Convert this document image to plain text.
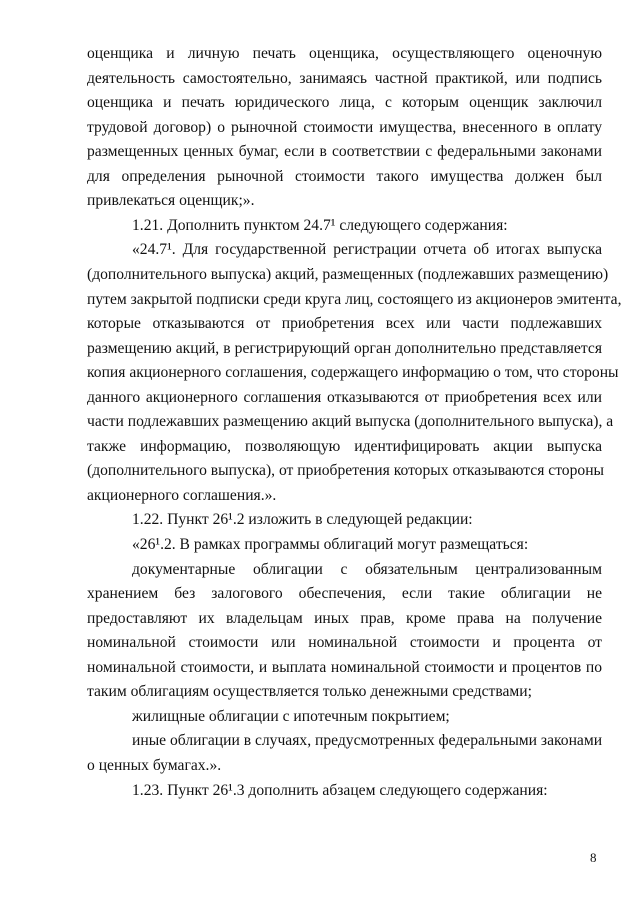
оценщика и личную печать оценщика, осуществляющего оценочную
деятельность самостоятельно, занимаясь частной практикой, или подпись
оценщика и печать юридического лица, с которым оценщик заключил
трудовой договор) о рыночной стоимости имущества, внесенного в оплату
размещенных ценных бумаг, если в соответствии с федеральными законами
для определения рыночной стоимости такого имущества должен был
привлекаться оценщик;».
1.21. Дополнить пунктом 24.7¹ следующего содержания:
«24.7¹. Для государственной регистрации отчета об итогах выпуска
(дополнительного выпуска) акций, размещенных (подлежавших размещению)
путем закрытой подписки среди круга лиц, состоящего из акционеров эмитента,
которые отказываются от приобретения всех или части подлежавших
размещению акций, в регистрирующий орган дополнительно представляется
копия акционерного соглашения, содержащего информацию о том, что стороны
данного акционерного соглашения отказываются от приобретения всех или
части подлежавших размещению акций выпуска (дополнительного выпуска), а
также информацию, позволяющую идентифицировать акции выпуска
(дополнительного выпуска), от приобретения которых отказываются стороны
акционерного соглашения.».
1.22. Пункт 26¹.2 изложить в следующей редакции:
«26¹.2. В рамках программы облигаций могут размещаться:
документарные облигации с обязательным централизованным
хранением без залогового обеспечения, если такие облигации не
предоставляют их владельцам иных прав, кроме права на получение
номинальной стоимости или номинальной стоимости и процента от
номинальной стоимости, и выплата номинальной стоимости и процентов по
таким облигациям осуществляется только денежными средствами;
жилищные облигации с ипотечным покрытием;
иные облигации в случаях, предусмотренных федеральными законами
о ценных бумагах.».
1.23. Пункт 26¹.3 дополнить абзацем следующего содержания:
8
